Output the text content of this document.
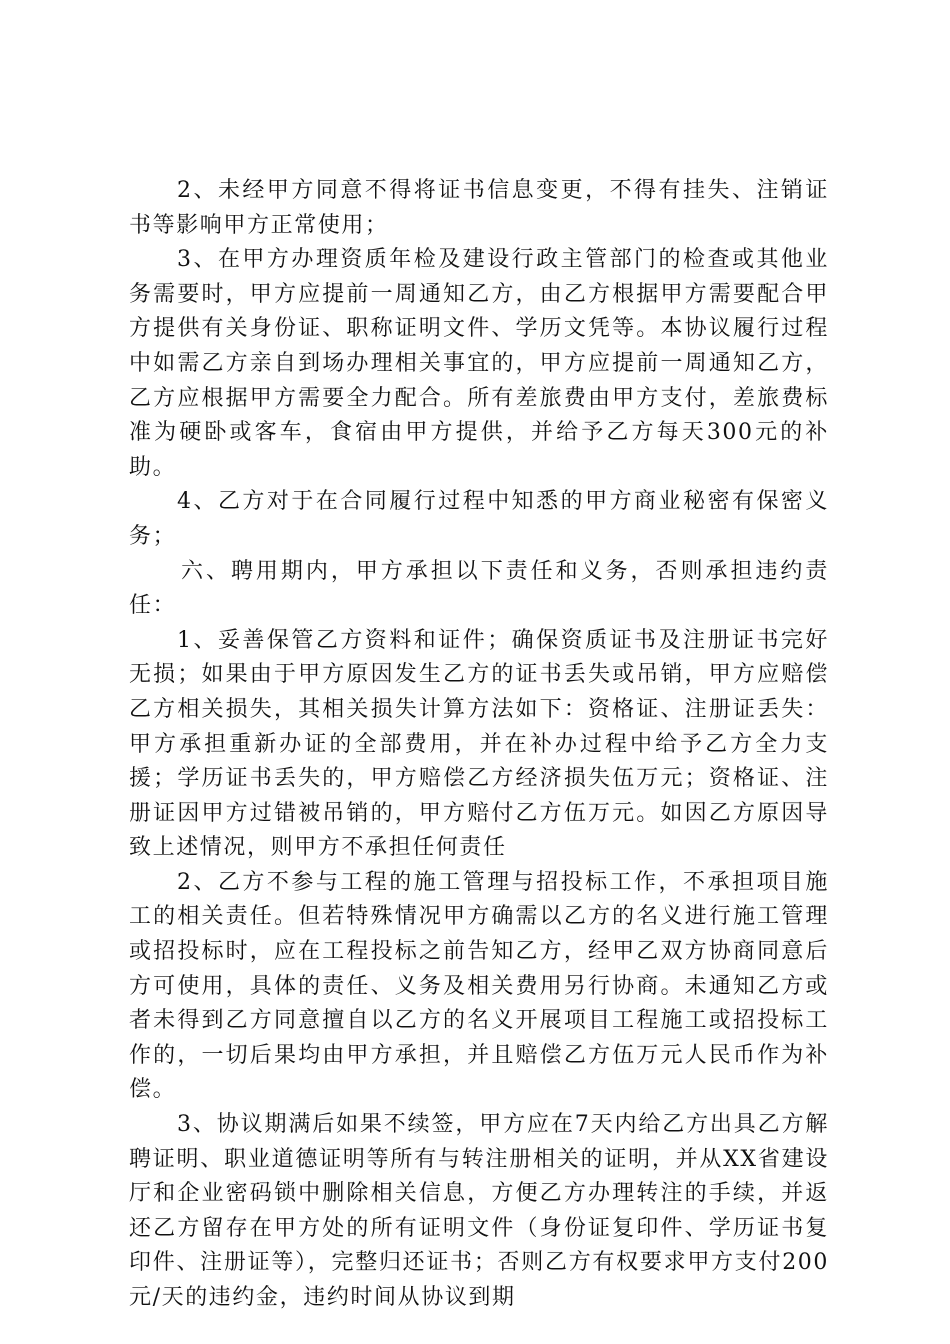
2、未经甲方同意不得将证书信息变更，不得有挂失、注销证书等影响甲方正常使用；

3、在甲方办理资质年检及建设行政主管部门的检查或其他业务需要时，甲方应提前一周通知乙方，由乙方根据甲方需要配合甲方提供有关身份证、职称证明文件、学历文凭等。本协议履行过程中如需乙方亲自到场办理相关事宜的，甲方应提前一周通知乙方，乙方应根据甲方需要全力配合。所有差旅费由甲方支付，差旅费标准为硬卧或客车，食宿由甲方提供，并给予乙方每天300元的补助。

4、乙方对于在合同履行过程中知悉的甲方商业秘密有保密义务；

六、聘用期内，甲方承担以下责任和义务，否则承担违约责任：

1、妥善保管乙方资料和证件；确保资质证书及注册证书完好无损；如果由于甲方原因发生乙方的证书丢失或吊销，甲方应赔偿乙方相关损失，其相关损失计算方法如下：资格证、注册证丢失：甲方承担重新办证的全部费用，并在补办过程中给予乙方全力支援；学历证书丢失的，甲方赔偿乙方经济损失伍万元；资格证、注册证因甲方过错被吊销的，甲方赔付乙方伍万元。如因乙方原因导致上述情况，则甲方不承担任何责任

2、乙方不参与工程的施工管理与招投标工作，不承担项目施工的相关责任。但若特殊情况甲方确需以乙方的名义进行施工管理或招投标时，应在工程投标之前告知乙方，经甲乙双方协商同意后方可使用，具体的责任、义务及相关费用另行协商。未通知乙方或者未得到乙方同意擅自以乙方的名义开展项目工程施工或招投标工作的，一切后果均由甲方承担，并且赔偿乙方伍万元人民币作为补偿。

3、协议期满后如果不续签，甲方应在7天内给乙方出具乙方解聘证明、职业道德证明等所有与转注册相关的证明，并从XX省建设厅和企业密码锁中删除相关信息，方便乙方办理转注的手续，并返还乙方留存在甲方处的所有证明文件（身份证复印件、学历证书复印件、注册证等），完整归还证书；否则乙方有权要求甲方支付200元/天的违约金，违约时间从协议到期
